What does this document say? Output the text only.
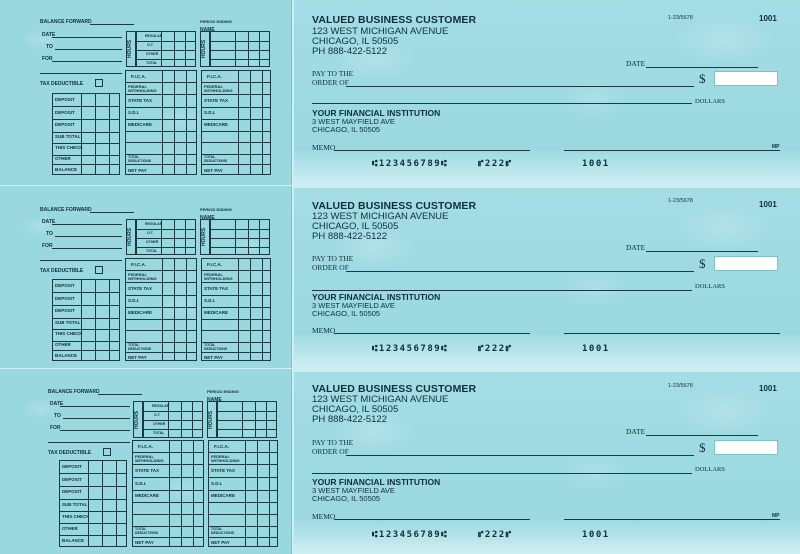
BALANCE FORWARD
DATE
TO
FOR
TAX DEDUCTIBLE
DEPOSIT
DEPOSIT
DEPOSIT
SUB TOTAL
THIS CHECK
OTHER
BALANCE
PERIOD ENDING
NAME
HOURS
REGULAR
O.T.
OTHER
TOTAL
HOURS
F.I.C.A.
FEDERAL
WITHHOLDING
STATE TAX
S.D.I.
MEDICARE
TOTAL
DEDUCTIONS
NET PAY
F.I.C.A.
FEDERAL
WITHHOLDING
STATE TAX
S.D.I.
MEDICARE
TOTAL
DEDUCTIONS
NET PAY
BALANCE FORWARD
DATE
TO
FOR
TAX DEDUCTIBLE
DEPOSIT
DEPOSIT
DEPOSIT
SUB TOTAL
THIS CHECK
OTHER
BALANCE
PERIOD ENDING
NAME
HOURS
REGULAR
O.T.
OTHER
TOTAL
HOURS
F.I.C.A.
FEDERAL
WITHHOLDING
STATE TAX
S.D.I.
MEDICARE
TOTAL
DEDUCTIONS
NET PAY
F.I.C.A.
FEDERAL
WITHHOLDING
STATE TAX
S.D.I.
MEDICARE
TOTAL
DEDUCTIONS
NET PAY
BALANCE FORWARD
DATE
TO
FOR
TAX DEDUCTIBLE
DEPOSIT
DEPOSIT
DEPOSIT
SUB TOTAL
THIS CHECK
OTHER
BALANCE
PERIOD ENDING
NAME
HOURS
REGULAR
O.T.
OTHER
TOTAL
HOURS
F.I.C.A.
FEDERAL
WITHHOLDING
STATE TAX
S.D.I.
MEDICARE
TOTAL
DEDUCTIONS
NET PAY
F.I.C.A.
FEDERAL
WITHHOLDING
STATE TAX
S.D.I.
MEDICARE
TOTAL
DEDUCTIONS
NET PAY
VALUED BUSINESS CUSTOMER
123 WEST MICHIGAN AVENUE
CHICAGO, IL 50505
PH 888-422-5122
1-23/5678	1001
DATE
PAY TO THE
ORDER OF	$
DOLLARS
YOUR FINANCIAL INSTITUTION
3 WEST MAYFIELD AVE
CHICAGO, IL 50505
MEMO	MP
⑆123456789⑆	⑈222⑈	1001
VALUED BUSINESS CUSTOMER
123 WEST MICHIGAN AVENUE
CHICAGO, IL 50505
PH 888-422-5122
1-23/5678	1001
DATE
PAY TO THE
ORDER OF	$
DOLLARS
YOUR FINANCIAL INSTITUTION
3 WEST MAYFIELD AVE
CHICAGO, IL 50505
MEMO
⑆123456789⑆	⑈222⑈	1001
VALUED BUSINESS CUSTOMER
123 WEST MICHIGAN AVENUE
CHICAGO, IL 50505
PH 888-422-5122
1-23/5678	1001
DATE
PAY TO THE
ORDER OF	$
DOLLARS
YOUR FINANCIAL INSTITUTION
3 WEST MAYFIELD AVE
CHICAGO, IL 50505
MEMO	MP
⑆123456789⑆	⑈222⑈	1001
